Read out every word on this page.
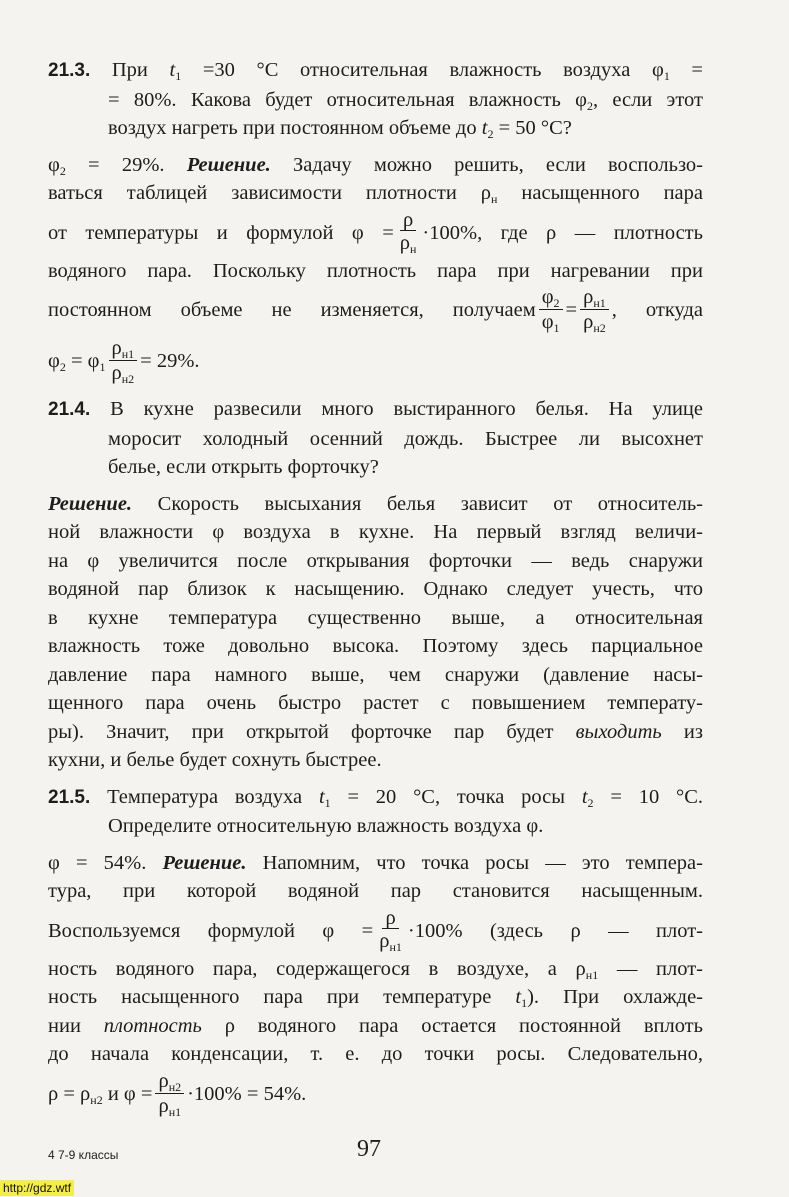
21.3. При $t_1 =30$ °C относительная влажность воздуха $\varphi_1$ =
= 80%. Какова будет относительная влажность $\varphi_2$, если этот
воздух нагреть при постоянном объеме до $t_2 = 50$ °C?
$\varphi_2 = 29\%$. Решение. Задачу можно решить, если воспользо-
ваться таблицей зависимости плотности $\rho_н$ насыщенного пара
от температуры и формулой $\varphi = \frac{\rho}{\rho_н} \cdot 100\%$, где ρ — плотность
водяного пара. Поскольку плотность пара при нагревании при
постоянном объеме не изменяется, получаем $\frac{\varphi_2}{\varphi_1} = \frac{\rho_{н1}}{\rho_{н2}}$ , откуда
$\varphi_2 = \varphi_1 \frac{\rho_{н1}}{\rho_{н2}} = 29\%$.
21.4. В кухне развесили много выстиранного белья. На улице
моросит холодный осенний дождь. Быстрее ли высохнет
белье, если открыть форточку?
Решение. Скорость высыхания белья зависит от относитель-
ной влажности φ воздуха в кухне. На первый взгляд величи-
на φ увеличится после открывания форточки — ведь снаружи
водяной пар близок к насыщению. Однако следует учесть, что
в кухне температура существенно выше, а относительная
влажность тоже довольно высока. Поэтому здесь парциальное
давление пара намного выше, чем снаружи (давление насы-
щенного пара очень быстро растет с повышением температу-
ры). Значит, при открытой форточке пар будет выходить из
кухни, и белье будет сохнуть быстрее.
21.5. Температура воздуха $t_1 = 20$ °C, точка росы $t_2 = 10$ °C.
Определите относительную влажность воздуха φ.
φ = 54%. Решение. Напомним, что точка росы — это темпера-
тура, при которой водяной пар становится насыщенным.
Воспользуемся формулой $\varphi = \frac{\rho}{\rho_{н1}} \cdot 100\%$ (здесь ρ — плот-
ность водяного пара, содержащегося в воздухе, а $\rho_{н1}$ — плот-
ность насыщенного пара при температуре $t_1$). При охлажде-
нии плотность ρ водяного пара остается постоянной вплоть
до начала конденсации, т. е. до точки росы. Следовательно,
$\rho = \rho_{н2}$ и $\varphi = \frac{\rho_{н2}}{\rho_{н1}} \cdot 100\% = 54\%$.
4 7-9 классы	97
http://gdz.wtf
